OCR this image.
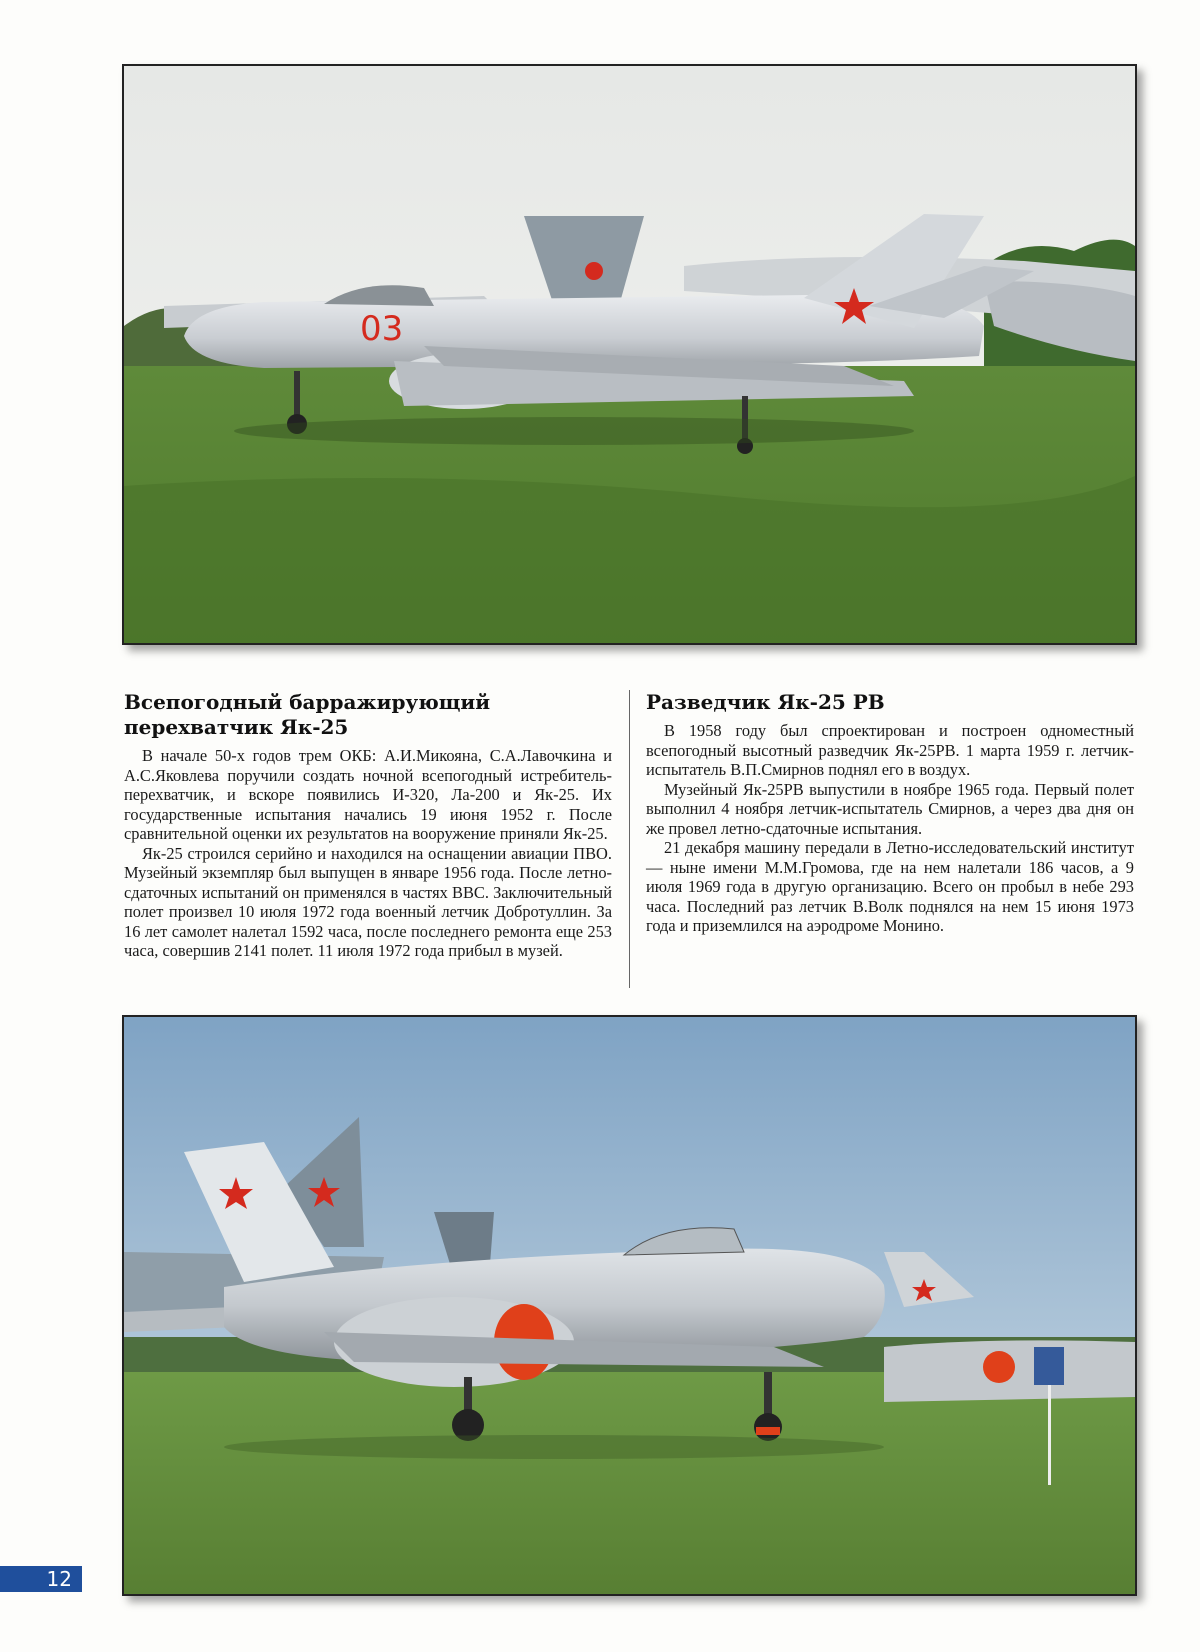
03
Всепогодный барражирующий перехватчик Як-25

В начале 50-х годов трем ОКБ: А.И.Микояна, С.А.Лавочкина и А.С.Яковлева поручили создать ночной всепогодный истребитель-перехватчик, и вскоре появились И-320, Ла-200 и Як-25. Их государственные испытания начались 19 июня 1952 г. После сравнительной оценки их результатов на вооружение приняли Як-25.

Як-25 строился серийно и находился на оснащении авиации ПВО. Музейный экземпляр был выпущен в январе 1956 года. После летно-сдаточных испытаний он применялся в частях ВВС. Заключительный полет произвел 10 июля 1972 года военный летчик Добротуллин. За 16 лет самолет налетал 1592 часа, после последнего ремонта еще 253 часа, совершив 2141 полет. 11 июля 1972 года прибыл в музей.

Разведчик Як-25 РВ

В 1958 году был спроектирован и построен одноместный всепогодный высотный разведчик Як-25РВ. 1 марта 1959 г. летчик-испытатель В.П.Смирнов поднял его в воздух.

Музейный Як-25РВ выпустили в ноябре 1965 года. Первый полет выполнил 4 ноября летчик-испытатель Смирнов, а через два дня он же провел летно-сдаточные испытания.

21 декабря машину передали в Летно-исследовательский институт — ныне имени М.М.Громова, где на нем налетали 186 часов, а 9 июля 1969 года в другую организацию. Всего он пробыл в небе 293 часа. Последний раз летчик В.Волк поднялся на нем 15 июня 1973 года и приземлился на аэродроме Монино.

12
